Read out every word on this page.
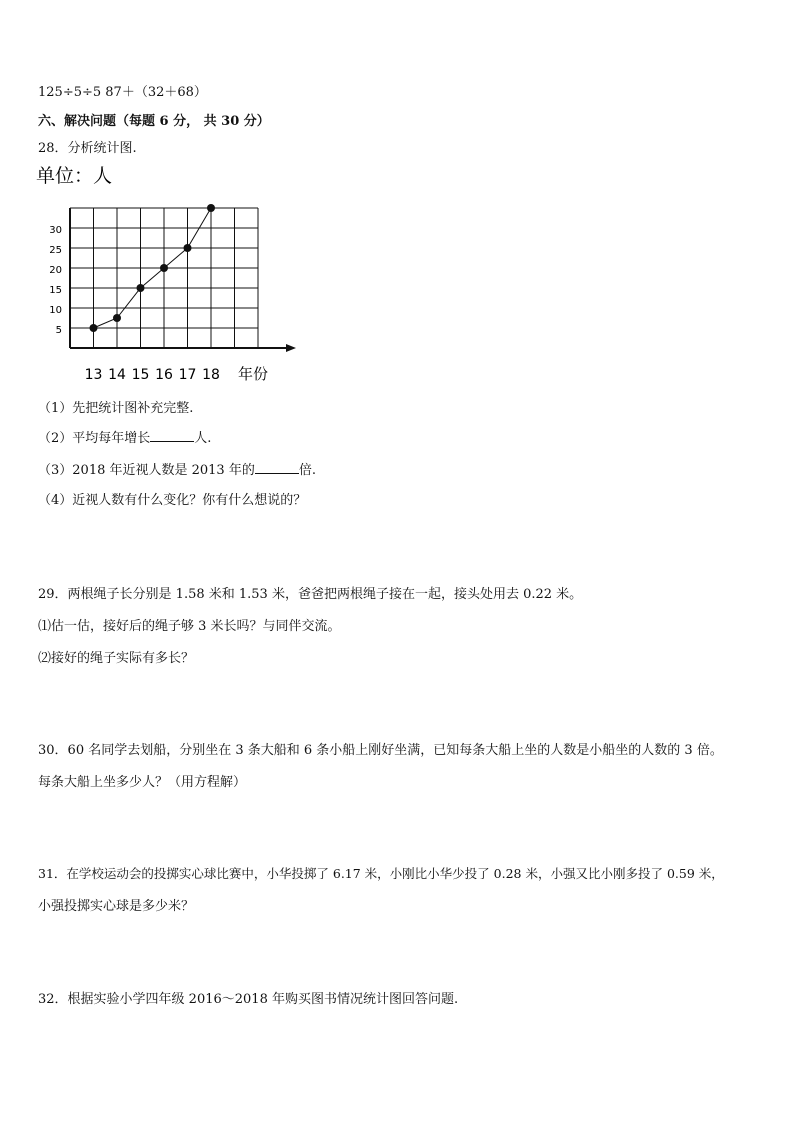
125÷5÷5 87＋（32＋68）
六、解决问题（每题 6 分， 共 30 分）
28．分析统计图.
单位：人
5
10
15
20
25
30
13 14 15 16 17 18 年份
（1）先把统计图补充完整.
（2）平均每年增长	人.
（3）2018 年近视人数是 2013 年的	倍.
（4）近视人数有什么变化？你有什么想说的？
29．两根绳子长分别是 1.58 米和 1.53 米，爸爸把两根绳子接在一起，接头处用去 0.22 米。
⑴估一估，接好后的绳子够 3 米长吗？与同伴交流。
⑵接好的绳子实际有多长？
30．60 名同学去划船，分别坐在 3 条大船和 6 条小船上刚好坐满，已知每条大船上坐的人数是小船坐的人数的 3 倍。
每条大船上坐多少人？（用方程解）
31．在学校运动会的投掷实心球比赛中，小华投掷了 6.17 米，小刚比小华少投了 0.28 米，小强又比小刚多投了 0.59 米，
小强投掷实心球是多少米？
32．根据实验小学四年级 2016～2018 年购买图书情况统计图回答问题.
